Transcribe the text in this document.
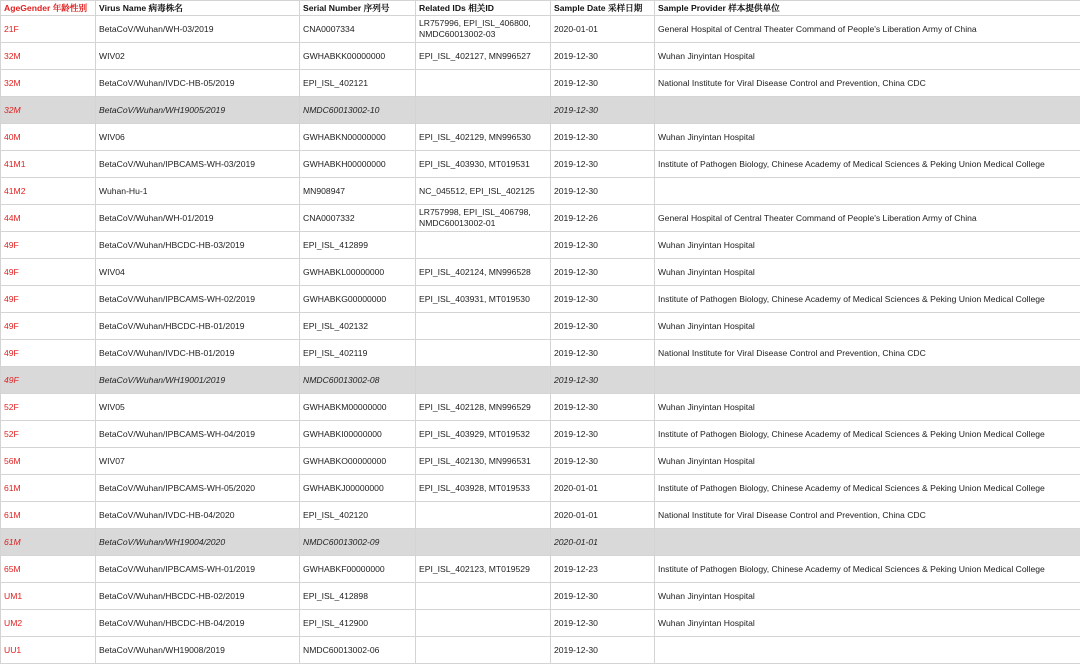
AgeGender 年龄性别	Virus Name 病毒株名	Serial Number 序列号	Related IDs 相关ID	Sample Date 采样日期	Sample Provider 样本提供单位
21F	BetaCoV/Wuhan/WH-03/2019	CNA0007334	LR757996, EPI_ISL_406800, NMDC60013002-03	2020-01-01	General Hospital of Central Theater Command of People's Liberation Army of China
32M	WIV02	GWHABKK00000000	EPI_ISL_402127, MN996527	2019-12-30	Wuhan Jinyintan Hospital
32M	BetaCoV/Wuhan/IVDC-HB-05/2019	EPI_ISL_402121		2019-12-30	National Institute for Viral Disease Control and Prevention, China CDC
32M	BetaCoV/Wuhan/WH19005/2019	NMDC60013002-10		2019-12-30	
40M	WIV06	GWHABKN00000000	EPI_ISL_402129, MN996530	2019-12-30	Wuhan Jinyintan Hospital
41M1	BetaCoV/Wuhan/IPBCAMS-WH-03/2019	GWHABKH00000000	EPI_ISL_403930, MT019531	2019-12-30	Institute of Pathogen Biology, Chinese Academy of Medical Sciences & Peking Union Medical College
41M2	Wuhan-Hu-1	MN908947	NC_045512, EPI_ISL_402125	2019-12-30	
44M	BetaCoV/Wuhan/WH-01/2019	CNA0007332	LR757998, EPI_ISL_406798, NMDC60013002-01	2019-12-26	General Hospital of Central Theater Command of People's Liberation Army of China
49F	BetaCoV/Wuhan/HBCDC-HB-03/2019	EPI_ISL_412899		2019-12-30	Wuhan Jinyintan Hospital
49F	WIV04	GWHABKL00000000	EPI_ISL_402124, MN996528	2019-12-30	Wuhan Jinyintan Hospital
49F	BetaCoV/Wuhan/IPBCAMS-WH-02/2019	GWHABKG00000000	EPI_ISL_403931, MT019530	2019-12-30	Institute of Pathogen Biology, Chinese Academy of Medical Sciences & Peking Union Medical College
49F	BetaCoV/Wuhan/HBCDC-HB-01/2019	EPI_ISL_402132		2019-12-30	Wuhan Jinyintan Hospital
49F	BetaCoV/Wuhan/IVDC-HB-01/2019	EPI_ISL_402119		2019-12-30	National Institute for Viral Disease Control and Prevention, China CDC
49F	BetaCoV/Wuhan/WH19001/2019	NMDC60013002-08		2019-12-30	
52F	WIV05	GWHABKM00000000	EPI_ISL_402128, MN996529	2019-12-30	Wuhan Jinyintan Hospital
52F	BetaCoV/Wuhan/IPBCAMS-WH-04/2019	GWHABKI00000000	EPI_ISL_403929, MT019532	2019-12-30	Institute of Pathogen Biology, Chinese Academy of Medical Sciences & Peking Union Medical College
56M	WIV07	GWHABKO00000000	EPI_ISL_402130, MN996531	2019-12-30	Wuhan Jinyintan Hospital
61M	BetaCoV/Wuhan/IPBCAMS-WH-05/2020	GWHABKJ00000000	EPI_ISL_403928, MT019533	2020-01-01	Institute of Pathogen Biology, Chinese Academy of Medical Sciences & Peking Union Medical College
61M	BetaCoV/Wuhan/IVDC-HB-04/2020	EPI_ISL_402120		2020-01-01	National Institute for Viral Disease Control and Prevention, China CDC
61M	BetaCoV/Wuhan/WH19004/2020	NMDC60013002-09		2020-01-01	
65M	BetaCoV/Wuhan/IPBCAMS-WH-01/2019	GWHABKF00000000	EPI_ISL_402123, MT019529	2019-12-23	Institute of Pathogen Biology, Chinese Academy of Medical Sciences & Peking Union Medical College
UM1	BetaCoV/Wuhan/HBCDC-HB-02/2019	EPI_ISL_412898		2019-12-30	Wuhan Jinyintan Hospital
UM2	BetaCoV/Wuhan/HBCDC-HB-04/2019	EPI_ISL_412900		2019-12-30	Wuhan Jinyintan Hospital
UU1	BetaCoV/Wuhan/WH19008/2019	NMDC60013002-06		2019-12-30	
